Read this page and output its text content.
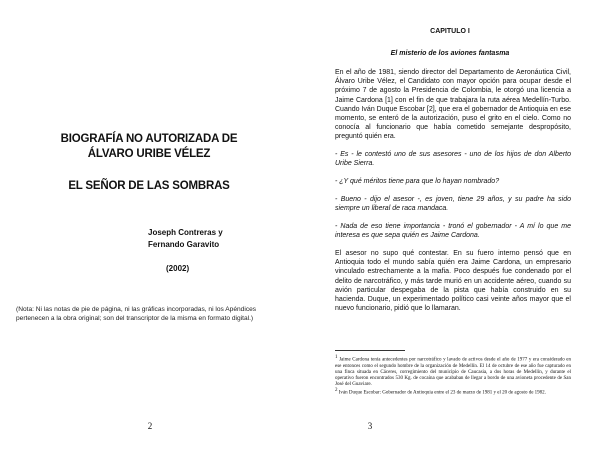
BIOGRAFÍA NO AUTORIZADA DE
ÁLVARO URIBE VÉLEZ
EL SEÑOR DE LAS SOMBRAS
Joseph Contreras y
Fernando Garavito
(2002)
(Nota: Ni las notas de pie de página, ni las gráficas incorporadas, ni los Apéndices pertenecen a la obra original; son del transcriptor de la misma en formato digital.)
2
CAPITULO I
El misterio de los aviones fantasma

En el año de 1981, siendo director del Departamento de Aeronáutica Civil, Álvaro Uribe Vélez, el Candidato con mayor opción para ocupar desde el próximo 7 de agosto la Presidencia de Colombia, le otorgó una licencia a Jaime Cardona [1] con el fin de que trabajara la ruta aérea Medellín-Turbo. Cuando Iván Duque Escobar [2], que era el gobernador de Antioquia en ese momento, se enteró de la autorización, puso el grito en el cielo. Como no conocía al funcionario que había cometido semejante despropósito, preguntó quién era.

- Es - le contestó uno de sus asesores - uno de los hijos de don Alberto Uribe Sierra.

- ¿Y qué méritos tiene para que lo hayan nombrado?

- Bueno - dijo el asesor -, es joven, tiene 29 años, y su padre ha sido siempre un liberal de raca mandaca.

- Nada de eso tiene importancia - tronó el gobernador - A mí lo que me interesa es que sepa quién es Jaime Cardona.

El asesor no supo qué contestar. En su fuero interno pensó que en Antioquia todo el mundo sabía quién era Jaime Cardona, un empresario vinculado estrechamente a la mafia. Poco después fue condenado por el delito de narcotráfico, y más tarde murió en un accidente aéreo, cuando su avión particular despegaba de la pista que había construido en su hacienda. Duque, un experimentado político casi veinte años mayor que el nuevo funcionario, pidió que lo llamaran.

1 Jaime Cardona tenía antecedentes por narcotráfico y lavado de activos desde el año de 1977 y era considerado en ese entonces como el segundo hombre de la organización de Medellín. El 14 de octubre de ese año fue capturado en una finca situada en Cáceres, corregimiento del municipio de Caucasia, a dos horas de Medellín, y durante el operativo fueron encontrados 530 Kg. de cocaína que acababan de llegar a bordo de una avioneta procedente de San José del Guaviare.

2 Iván Duque Escobar: Gobernador de Antioquia entre el 23 de marzo de 1981 y el 20 de agosto de 1982.

3
